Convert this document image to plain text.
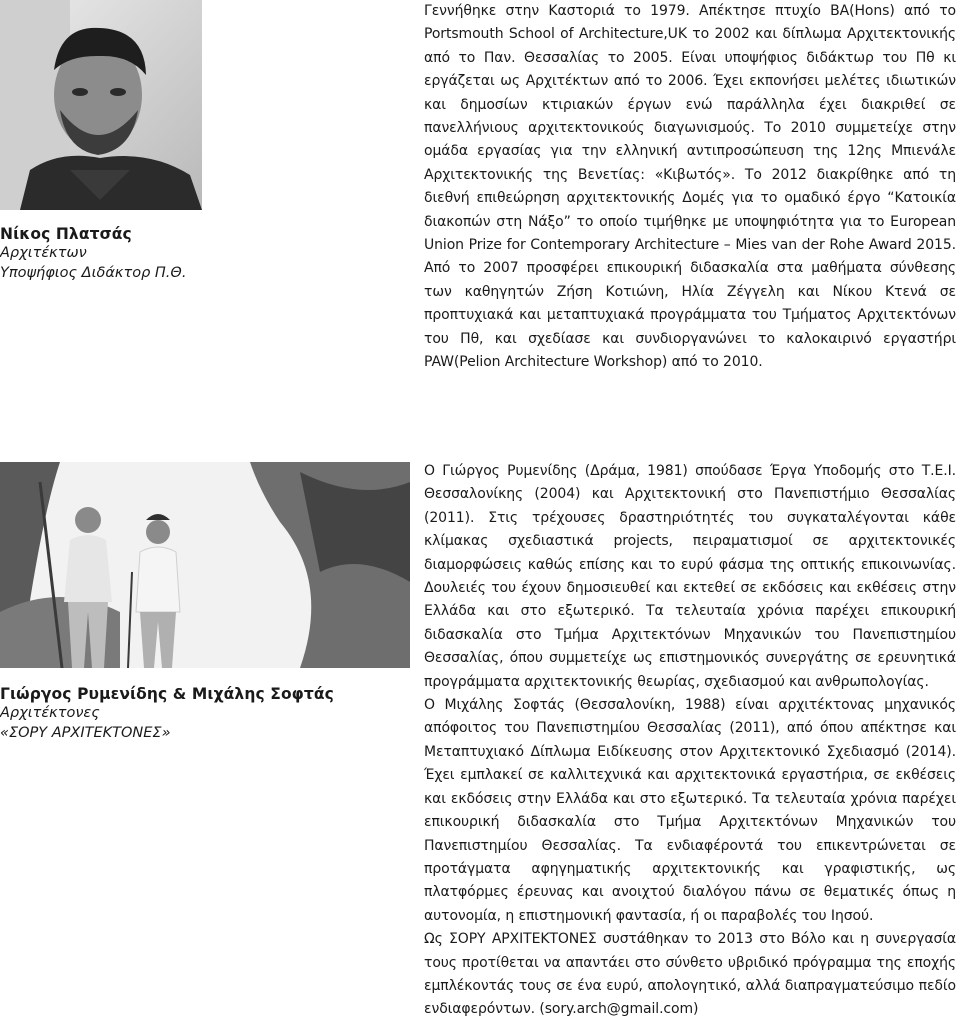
Νίκος Πλατσάς
Αρχιτέκτων
Υποψήφιος Διδάκτορ Π.Θ.

Γεννήθηκε στην Καστοριά το 1979. Απέκτησε πτυχίο BA(Hons) από το Portsmouth School of Architecture,UK το 2002 και δίπλωμα Αρχιτεκτονικής από το Παν. Θεσσαλίας το 2005. Είναι υποψήφιος διδάκτωρ του Πθ κι εργάζεται ως Αρχιτέκτων από το 2006. Έχει εκπονήσει μελέτες ιδιωτικών και δημοσίων κτιριακών έργων ενώ παράλληλα έχει διακριθεί σε πανελλήνιους αρχιτεκτονικούς διαγωνισμούς. Το 2010 συμμετείχε στην ομάδα εργασίας για την ελληνική αντιπροσώπευση της 12ης Μπιενάλε Αρχιτεκτονικής της Βενετίας: «Κιβωτός». Το 2012 διακρίθηκε από τη διεθνή επιθεώρηση αρχιτεκτονικής Δομές για το ομαδικό έργο “Κατοικία διακοπών στη Νάξο” το οποίο τιμήθηκε με υποψηφιότητα για το European Union Prize for Contemporary Architecture – Mies van der Rohe Award 2015. Από το 2007 προσφέρει επικουρική διδασκαλία στα μαθήματα σύνθεσης των καθηγητών Ζήση Κοτιώνη, Ηλία Ζέγγελη και Νίκου Κτενά σε προπτυχιακά και μεταπτυχιακά προγράμματα του Τμήματος Αρχιτεκτόνων του Πθ, και σχεδίασε και συνδιοργανώνει το καλοκαιρινό εργαστήρι PAW(Pelion Architecture Workshop) από το 2010.

Γιώργος Ρυμενίδης & Μιχάλης Σοφτάς
Αρχιτέκτονες
«ΣΟΡΥ ΑΡΧΙΤΕΚΤΟΝΕΣ»

Ο Γιώργος Ρυμενίδης (Δράμα, 1981) σπούδασε Έργα Υποδομής στο Τ.Ε.Ι. Θεσσαλονίκης (2004) και Αρχιτεκτονική στο Πανεπιστήμιο Θεσσαλίας (2011). Στις τρέχουσες δραστηριότητές του συγκαταλέγονται κάθε κλίμακας σχεδιαστικά projects, πειραματισμοί σε αρχιτεκτονικές διαμορφώσεις καθώς επίσης και το ευρύ φάσμα της οπτικής επικοινωνίας. Δουλειές του έχουν δημοσιευθεί και εκτεθεί σε εκδόσεις και εκθέσεις στην Ελλάδα και στο εξωτερικό. Τα τελευταία χρόνια παρέχει επικουρική διδασκαλία στο Τμήμα Αρχιτεκτόνων Μηχανικών του Πανεπιστημίου Θεσσαλίας, όπου συμμετείχε ως επιστημονικός συνεργάτης σε ερευνητικά προγράμματα αρχιτεκτονικής θεωρίας, σχεδιασμού και ανθρωπολογίας.

Ο Μιχάλης Σοφτάς (Θεσσαλονίκη, 1988) είναι αρχιτέκτονας μηχανικός απόφοιτος του Πανεπιστημίου Θεσσαλίας (2011), από όπου απέκτησε και Μεταπτυχιακό Δίπλωμα Ειδίκευσης στον Αρχιτεκτονικό Σχεδιασμό (2014). Έχει εμπλακεί σε καλλιτεχνικά και αρχιτεκτονικά εργαστήρια, σε εκθέσεις και εκδόσεις στην Ελλάδα και στο εξωτερικό. Τα τελευταία χρόνια παρέχει επικουρική διδασκαλία στο Τμήμα Αρχιτεκτόνων Μηχανικών του Πανεπιστημίου Θεσσαλίας. Τα ενδιαφέροντά του επικεντρώνεται σε προτάγματα αφηγηματικής αρχιτεκτονικής και γραφιστικής, ως πλατφόρμες έρευνας και ανοιχτού διαλόγου πάνω σε θεματικές όπως η αυτονομία, η επιστημονική φαντασία, ή οι παραβολές του Ιησού.

Ως ΣΟΡΥ ΑΡΧΙΤΕΚΤΟΝΕΣ συστάθηκαν το 2013 στο Βόλο και η συνεργασία τους προτίθεται να απαντάει στο σύνθετο υβριδικό πρόγραμμα της εποχής εμπλέκοντάς τους σε ένα ευρύ, απολογητικό, αλλά διαπραγματεύσιμο πεδίο ενδιαφερόντων. (sory.arch@gmail.com)
